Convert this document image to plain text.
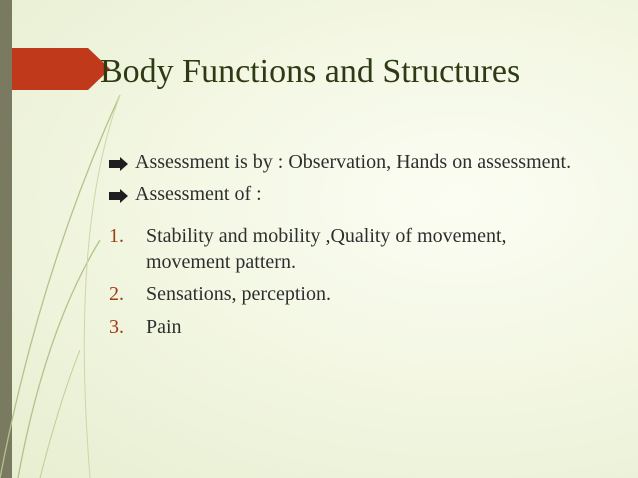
Body Functions and Structures
Assessment is by : Observation, Hands on assessment.
Assessment of :
1. Stability and mobility ,Quality of movement, movement pattern.
2. Sensations, perception.
3. Pain
